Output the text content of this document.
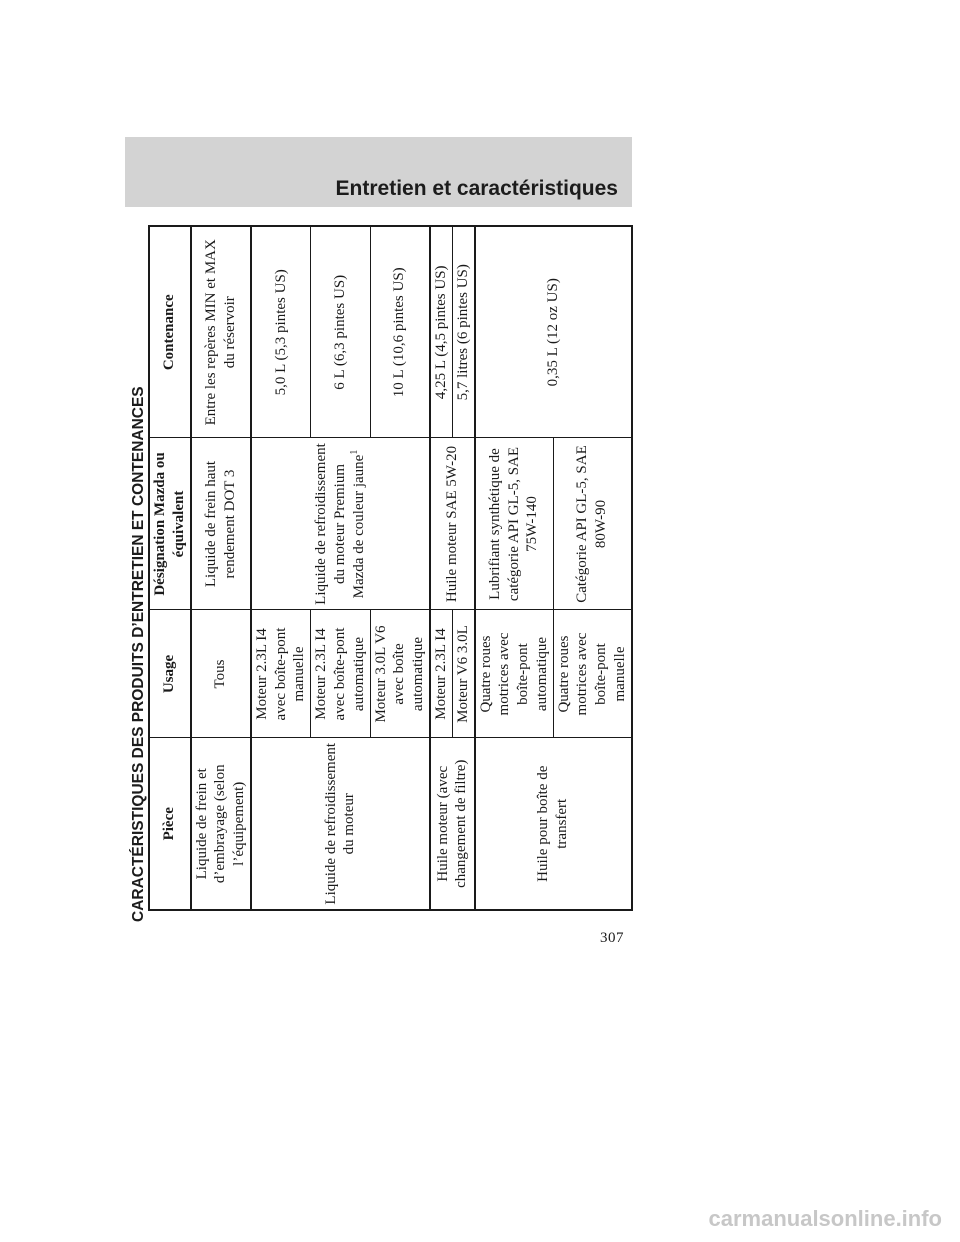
Entretien et caractéristiques
CARACTÉRISTIQUES DES PRODUITS D’ENTRETIEN ET CONTENANCES Pièce	Usage	Désignation Mazda ou équivalent	Contenance
Liquide de frein et d’embrayage (selon l’équipement)	Tous	Liquide de frein haut rendement DOT 3	Entre les repères MIN et MAX du réservoir
Liquide de refroidissement du moteur	Moteur 2.3L I4 avec boîte-pont manuelle	Liquide de refroidissement du moteur Premium Mazda de couleur jaune$^1$	5,0 L (5,3 pintes US)
	Moteur 2.3L I4 avec boîte-pont automatique		6 L (6,3 pintes US)
	Moteur 3.0L V6 avec boîte automatique		10 L (10,6 pintes US)
Huile moteur (avec changement de filtre)	Moteur 2.3L I4	Huile moteur SAE 5W-20	4,25 L (4,5 pintes US)
	Moteur V6 3.0L		5,7 litres (6 pintes US)
Huile pour boîte de transfert	Quatre roues motrices avec boîte-pont automatique	Lubrifiant synthétique de catégorie API GL-5, SAE 75W-140	0,35 L (12 oz US)
	Quatre roues motrices avec boîte-pont manuelle	Catégorie API GL-5, SAE 80W-90	
307
carmanualsonline.info
